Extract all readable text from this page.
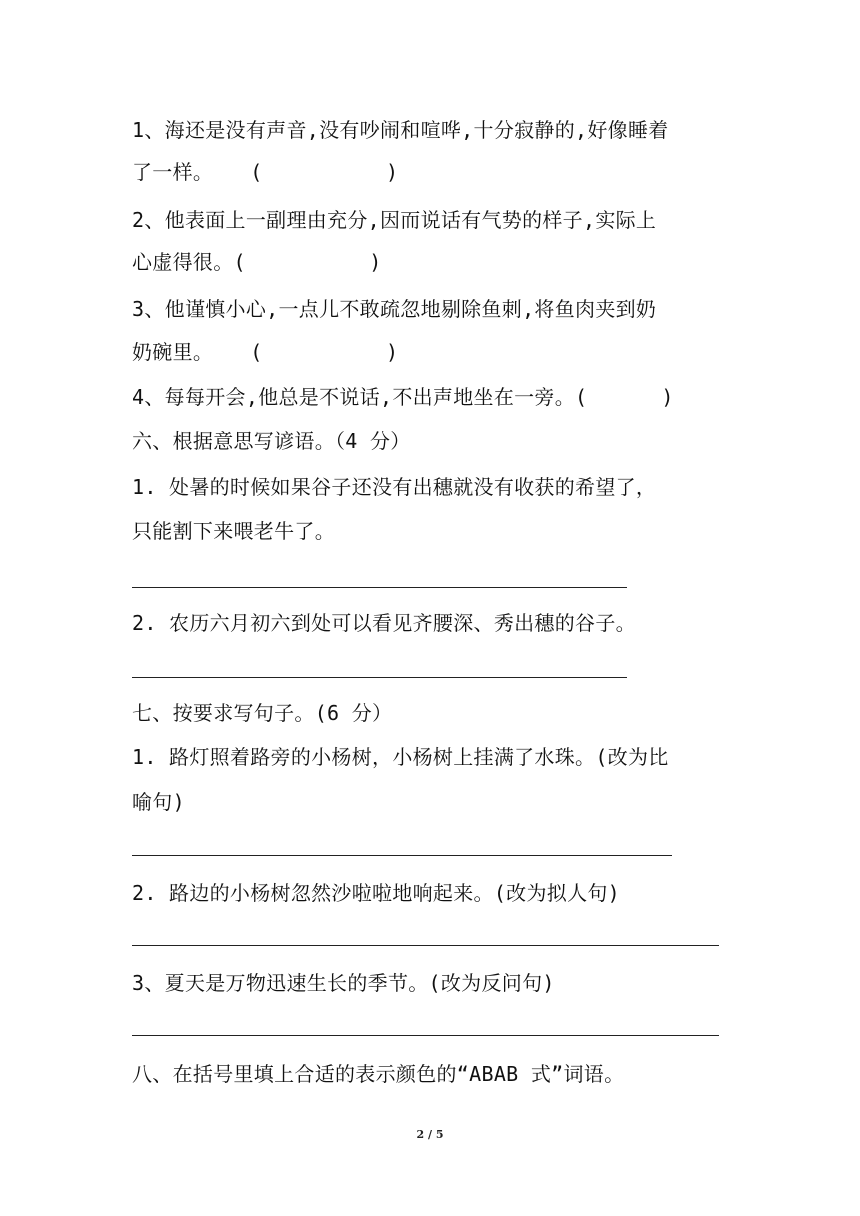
1、海还是没有声音,没有吵闹和喧哗,十分寂静的,好像睡着
了一样。   (          )
2、他表面上一副理由充分,因而说话有气势的样子,实际上
心虚得很。(          )
3、他谨慎小心,一点儿不敢疏忽地剔除鱼刺,将鱼肉夹到奶
奶碗里。   (          )
4、每每开会,他总是不说话,不出声地坐在一旁。(      )
六、根据意思写谚语。（4 分）
1. 处暑的时候如果谷子还没有出穗就没有收获的希望了，
只能割下来喂老牛了。
2. 农历六月初六到处可以看见齐腰深、秀出穗的谷子。
七、按要求写句子。(6 分）
1. 路灯照着路旁的小杨树，小杨树上挂满了水珠。(改为比
喻句)
2. 路边的小杨树忽然沙啦啦地响起来。(改为拟人句)
3、夏天是万物迅速生长的季节。(改为反问句)
八、在括号里填上合适的表示颜色的“ABAB 式”词语。
2 / 5
